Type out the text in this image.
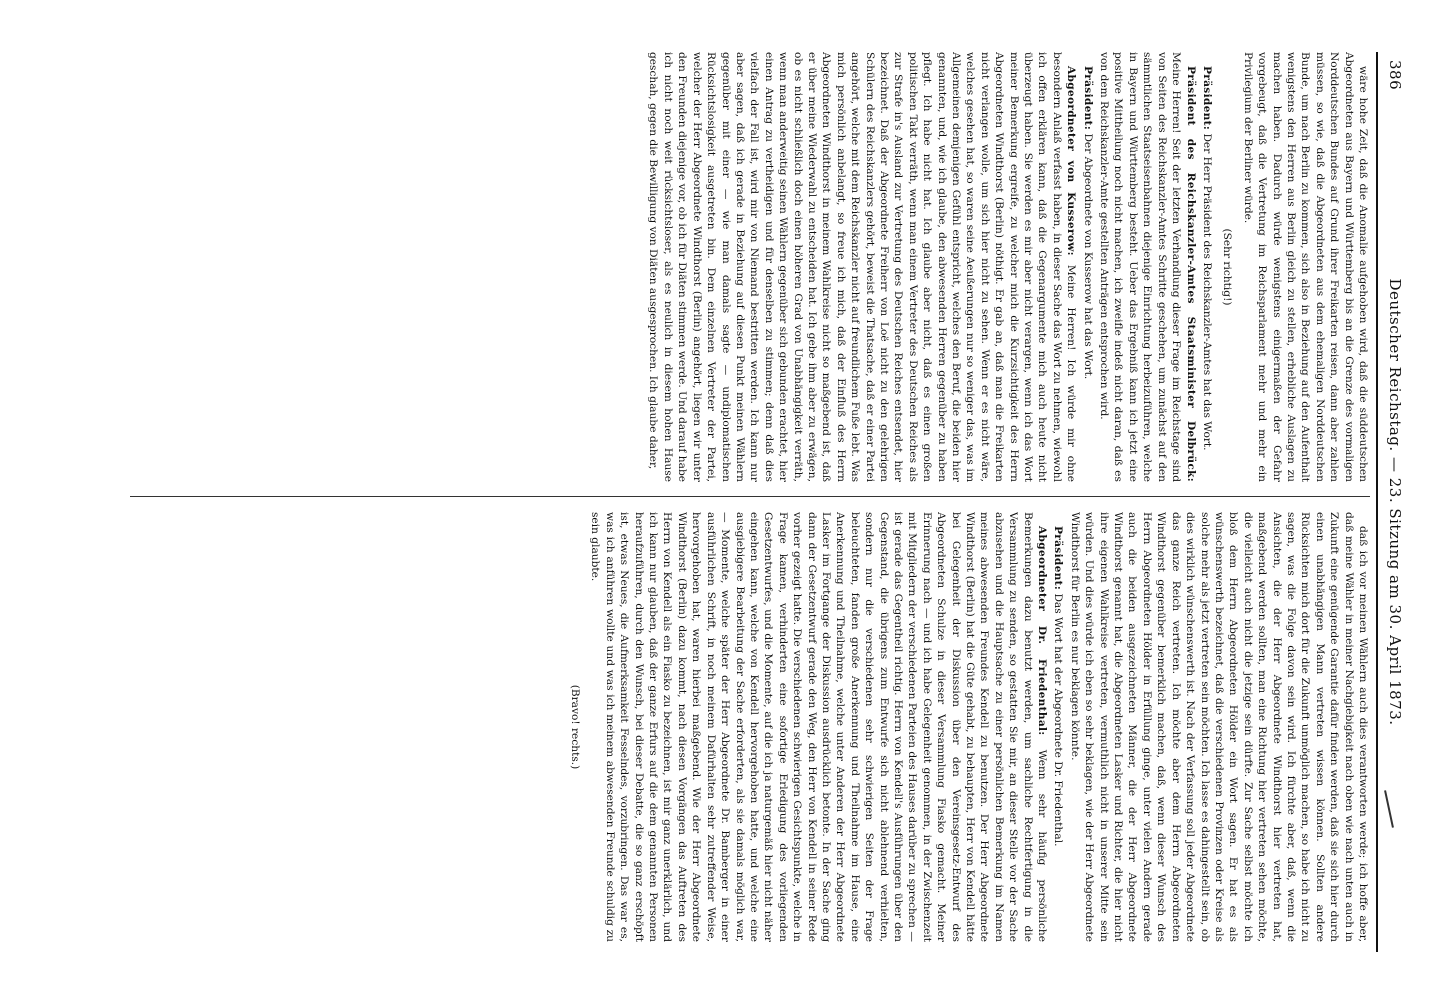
386
Deutscher Reichstag. — 23. Sitzung am 30. April 1873.

wäre hohe Zeit, daß die Anomalie aufgehoben wird, daß die süddeutschen Abgeordneten aus Bayern und Württemberg bis an die Grenze des vormaligen Norddeutschen Bundes auf Grund ihrer Freikarten reisen, dann aber zahlen müssen, so wie, daß die Abgeordneten aus dem ehemaligen Norddeutschen Bunde, um nach Berlin zu kommen, sich also in Beziehung auf den Aufenthalt wenigstens den Herren aus Berlin gleich zu stellen, erhebliche Auslagen zu machen haben. Dadurch würde wenigstens einigermaßen der Gefahr vorgebeugt, daß die Vertretung im Reichsparlament mehr und mehr ein Privilegium der Berliner würde.

(Sehr richtig!)

Präsident: Der Herr Präsident des Reichskanzler-Amtes hat das Wort.

Präsident des Reichskanzler-Amtes Staatsminister Delbrück: Meine Herren! Seit der letzten Verhandlung dieser Frage im Reichstage sind von Seiten des Reichskanzler-Amtes Schritte geschehen, um zunächst auf den sämmtlichen Staatseisenbahnen diejenige Einrichtung herbeizuführen, welche in Bayern und Württemberg besteht. Ueber das Ergebniß kann ich jetzt eine positive Mittheilung noch nicht machen, ich zweifle indeß nicht daran, daß es von dem Reichskanzler-Amte gestellten Anträgen entsprochen wird.

Präsident: Der Abgeordnete von Kusserow hat das Wort.

Abgeordneter von Kusserow: Meine Herren! Ich würde mir ohne besondern Anlaß verfasst haben, in dieser Sache das Wort zu nehmen, wiewohl ich offen erklären kann, daß die Gegenargumente mich auch heute nicht überzeugt haben. Sie werden es mir aber nicht verargen, wenn ich das Wort meiner Bemerkung ergreife, zu welcher mich die Kurzsichtigkeit des Herrn Abgeordneten Windthorst (Berlin) nöthigt. Er gab an, daß man die Freikarten nicht verlangen wolle, um sich hier nicht zu sehen. Wenn er es nicht wäre, welches gesehen hat, so waren seine Aeußerungen nur so weniger das, was im Allgemeinen demjenigen Gefühl entspricht, welches den Beruf, die beiden hier genannten, und, wie ich glaube, den abwesenden Herren gegenüber zu haben pflegt. Ich habe nicht hat. Ich glaube aber nicht, daß es einen großen politischen Takt verräth, wenn man einem Vertreter des Deutschen Reiches als zur Strafe in's Ausland zur Vertretung des Deutschen Reiches entsendet, hier bezeichnet. Daß der Abgeordnete Freiherr von Loë nicht zu den gelehrigen Schülern des Reichskanzlers gehört, beweist die Thatsache, daß er einer Partei angehört, welche mit dem Reichskanzler nicht auf freundlichem Fuße lebt. Was mich persönlich anbelangt, so freue ich mich, daß der Einfluß des Herrn Abgeordneten Windthorst in meinem Wahlkreise nicht so maßgebend ist, daß er über meine Wiederwahl zu entscheiden hat. Ich gebe ihm aber zu erwägen, ob es nicht schließlich doch einen höheren Grad von Unabhängigkeit verräth, wenn man anderweitig seinen Wählern gegenüber sich gebunden erachtet, hier einen Antrag zu vertheidigen und für denselben zu stimmen; denn daß dies vielfach der Fall ist, wird mir von Niemand bestritten werden. Ich kann nur aber sagen, daß ich gerade in Beziehung auf diesen Punkt meinen Wählern gegenüber mit einer — wie man damals sagte — undiplomatischen Rücksichtslosigkeit ausgetreten bin. Dem einzelnen Vertreter der Partei, welcher der Herr Abgeordnete Windthorst (Berlin) angehört, liegen wir unter den Freunden diejenige vor, ob ich für Diäten stimmen werde. Und darauf habe ich nicht noch weit rücksichtsloser, als es neulich in diesem hohen Hause geschah, gegen die Bewilligung von Diäten ausgesprochen. Ich glaube daher,

daß ich vor meinen Wählern auch dies verantworten werde; ich hoffe aber, daß meine Wähler in meiner Nachgiebigkeit nach oben wie nach unten auch in Zukunft eine genügende Garantie dafür finden werden, daß sie sich hier durch einen unabhängigen Mann vertreten wissen können. Sollten andere Rücksichten mich dort für die Zukunft unmöglich machen, so habe ich nicht zu sagen, was die Folge davon sein wird. Ich fürchte aber, daß, wenn die Ansichten, die der Herr Abgeordnete Windthorst hier vertreten hat, maßgebend werden sollten, man eine Richtung hier vertreten sehen möchte, die vielleicht auch nicht die jetzige sein dürfte. Zur Sache selbst möchte ich bloß dem Herrn Abgeordneten Hölder ein Wort sagen. Er hat es als wünschenswerth bezeichnet, daß die verschiedenen Provinzen oder Kreise als solche mehr als jetzt vertreten sein möchten. Ich lasse es dahingestellt sein, ob dies wirklich wünschenswerth ist. Nach der Verfassung soll jeder Abgeordnete das ganze Reich vertreten. Ich möchte aber dem Herrn Abgeordneten Windthorst gegenüber bemerklich machen, daß, wenn dieser Wunsch des Herrn Abgeordneten Hölder in Erfüllung ginge, unter vielen Andern gerade auch die beiden ausgezeichneten Männer, die der Herr Abgeordnete Windthorst genannt hat, die Abgeordneten Lasker und Richter, die hier nicht ihre eigenen Wahlkreise vertreten, vermuthlich nicht in unserer Mitte sein würden. Und dies würde ich eben so sehr beklagen, wie der Herr Abgeordnete Windthorst für Berlin es nur beklagen könnte.

Präsident: Das Wort hat der Abgeordnete Dr. Friedenthal.

Abgeordneter Dr. Friedenthal: Wenn sehr häufig persönliche Bemerkungen dazu benutzt werden, um sachliche Rechtfertigung in die Versammlung zu senden, so gestatten Sie mir, an dieser Stelle vor der Sache abzusehen und die Hauptsache zu einer persönlichen Bemerkung im Namen meines abwesenden Freundes Kendell zu benutzen. Der Herr Abgeordnete Windthorst (Berlin) hat die Güte gehabt, zu behaupten, Herr von Kendell hätte bei Gelegenheit der Diskussion über den Vereinsgesetz-Entwurf des Abgeordneten Schulze in dieser Versammlung Fiasko gemacht. Meiner Erinnerung nach — und ich habe Gelegenheit genommen, in der Zwischenzeit mit Mitgliedern der verschiedenen Parteien des Hauses darüber zu sprechen — ist gerade das Gegentheil richtig. Herrn von Kendell's Ausführungen über den Gegenstand, die übrigens zum Entwurfe sich nicht ablehnend verhielten, sondern nur die verschiedenen sehr schwierigen Seiten der Frage beleuchteten, fanden große Anerkennung und Theilnahme im Hause, eine Anerkennung und Theilnahme, welche unter Anderen der Herr Abgeordnete Lasker im Fortgange der Diskussion ausdrücklich betonte. In der Sache ging dann der Gesetzentwurf gerade den Weg, den Herr von Kendell in seiner Rede vorher gezeigt hatte. Die verschiedenen schwierigen Gesichtspunkte, welche in Frage kamen, verhinderten eine sofortige Erledigung des vorliegenden Gesetzentwurfes, und die Momente, auf die ich ja naturgemäß hier nicht näher eingehen kann, welche von Kendell hervorgehoben hatte, und welche eine ausgiebigere Bearbeitung der Sache erforderten, als sie damals möglich war, — Momente, welche später der Herr Abgeordnete Dr. Bamberger in einer ausführlichen Schrift, in noch meinem Dafürhalten sehr zutreffender Weise, hervorgehoben hat, waren hierbei maßgebend. Wie der Herr Abgeordnete Windthorst (Berlin) dazu kommt, nach diesen Vorgängen das Auftreten des Herrn von Kendell als ein Fiasko zu bezeichnen, ist mir ganz unerklärlich, und ich kann nur glauben, daß der ganze Erfurs auf die dem genannten Personen heraufzuführen, durch den Wunsch, bei dieser Debatte, die so ganz erschöpft ist, etwas Neues, die Aufmerksamkeit Fesselndes, vorzubringen. Das war es, was ich anführen wollte und was ich meinem abwesenden Freunde schuldig zu sein glaubte.

(Bravo! rechts.)
